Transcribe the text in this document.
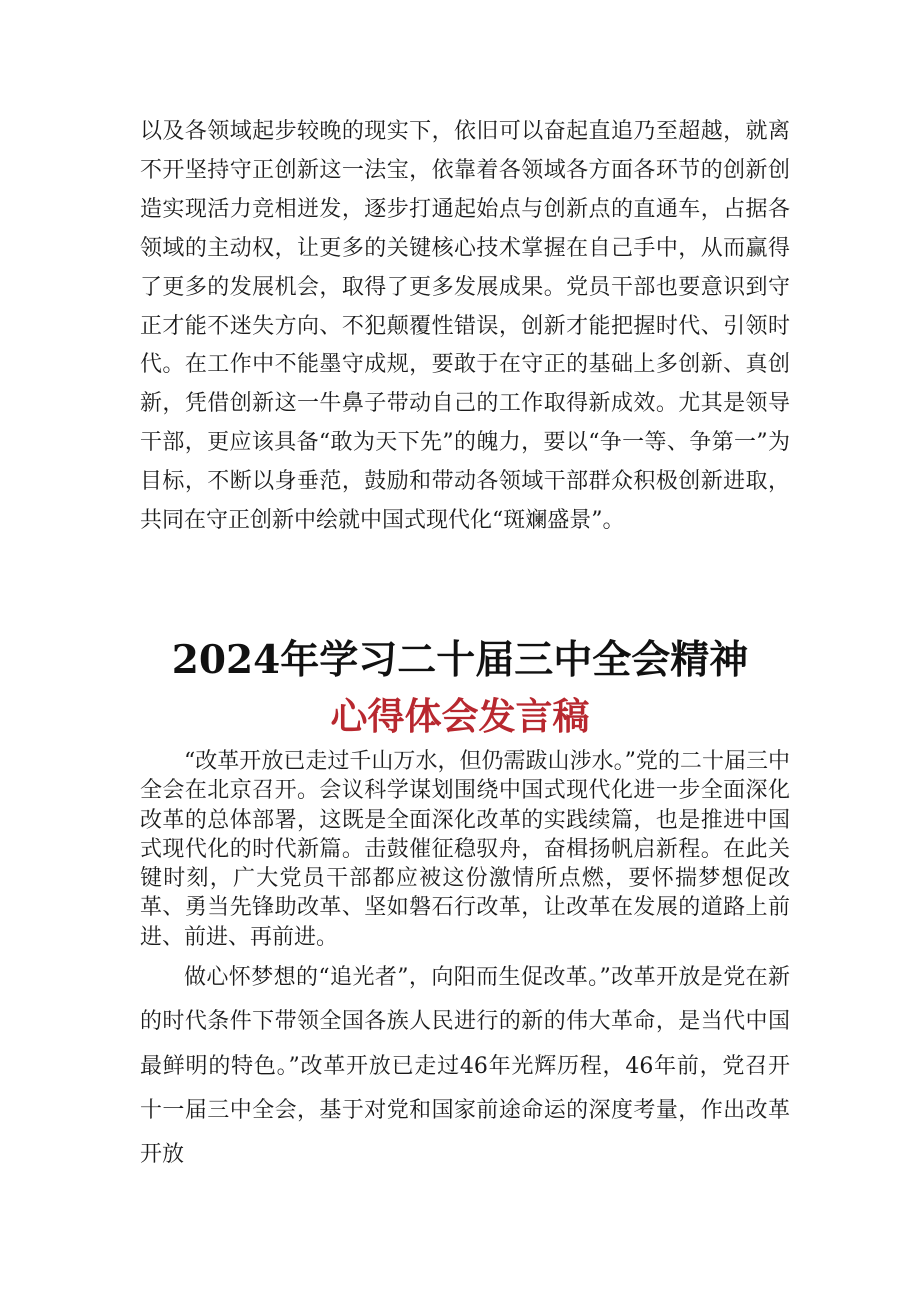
以及各领域起步较晚的现实下，依旧可以奋起直追乃至超越，就离不开坚持守正创新这一法宝，依靠着各领域各方面各环节的创新创造实现活力竞相迸发，逐步打通起始点与创新点的直通车，占据各领域的主动权，让更多的关键核心技术掌握在自己手中，从而赢得了更多的发展机会，取得了更多发展成果。党员干部也要意识到守正才能不迷失方向、不犯颠覆性错误，创新才能把握时代、引领时代。在工作中不能墨守成规，要敢于在守正的基础上多创新、真创新，凭借创新这一牛鼻子带动自己的工作取得新成效。尤其是领导干部，更应该具备“敢为天下先”的魄力，要以“争一等、争第一”为目标，不断以身垂范，鼓励和带动各领域干部群众积极创新进取，共同在守正创新中绘就中国式现代化“斑斓盛景”。

2024年学习二十届三中全会精神
心得体会发言稿

“改革开放已走过千山万水，但仍需跋山涉水。”党的二十届三中全会在北京召开。会议科学谋划围绕中国式现代化进一步全面深化改革的总体部署，这既是全面深化改革的实践续篇，也是推进中国式现代化的时代新篇。击鼓催征稳驭舟，奋楫扬帆启新程。在此关键时刻，广大党员干部都应被这份激情所点燃，要怀揣梦想促改革、勇当先锋助改革、坚如磐石行改革，让改革在发展的道路上前进、前进、再前进。

做心怀梦想的“追光者”，向阳而生促改革。”改革开放是党在新的时代条件下带领全国各族人民进行的新的伟大革命，是当代中国最鲜明的特色。”改革开放已走过46年光辉历程，46年前，党召开十一届三中全会，基于对党和国家前途命运的深度考量，作出改革开放
